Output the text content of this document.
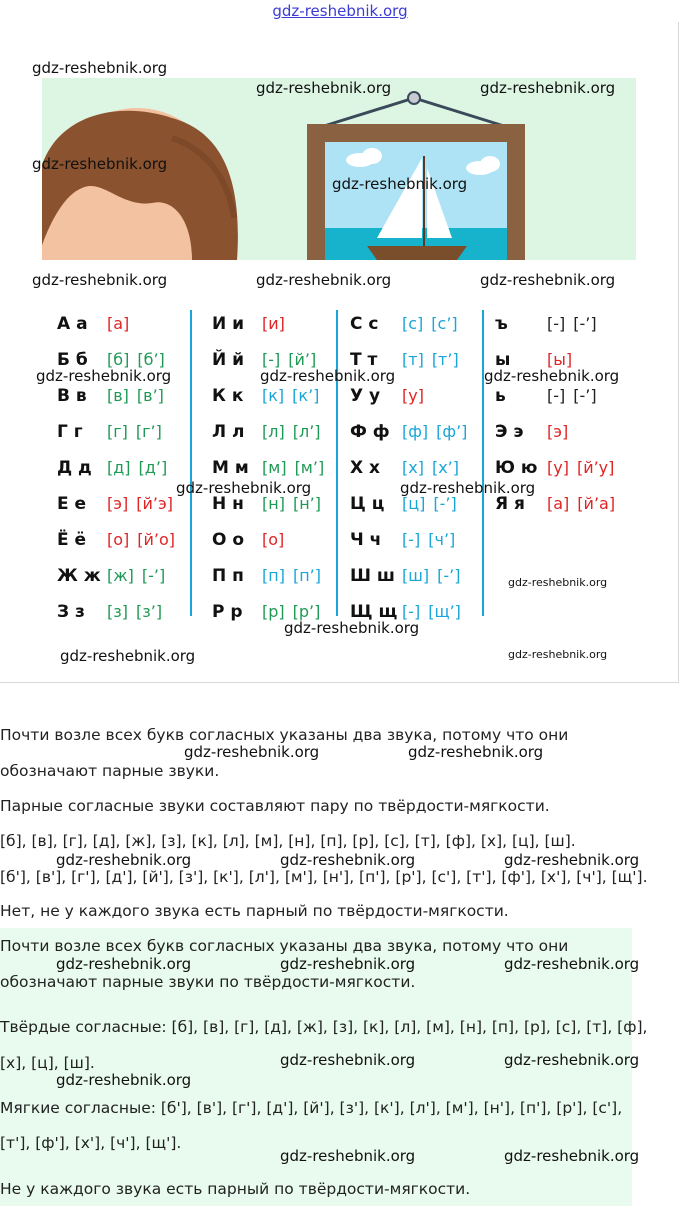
gdz-reshebnik.org
А а [а]
Б б [б] [б’]
В в [в] [в’]
Г г [г] [г’]
Д д [д] [д’]
Е е [э] [й’э]
Ё ё [о] [й’о]
Ж ж [ж] [-’]
З з [з] [з’]
И и [и]
Й й [-] [й’]
К к [к] [к’]
Л л [л] [л’]
М м [м] [м’]
Н н [н] [н’]
О о [о]
П п [п] [п’]
Р р [р] [р’]
С с [с] [с’]
Т т [т] [т’]
У у [у]
Ф ф [ф] [ф’]
Х х [х] [х’]
Ц ц [ц] [-’]
Ч ч [-] [ч’]
Ш ш [ш] [-’]
Щ щ [-] [щ’]
ъ [-] [-’]
ы [ы]
ь	[-] [-’]
Э э [э]
Ю ю [у] [й’у]
Я я [а] [й’а]
Почти возле всех букв согласных указаны два звука, потому что они
обозначают парные звуки.
Парные согласные звуки составляют пару по твёрдости-мягкости.
[б], [в], [г], [д], [ж], [з], [к], [л], [м], [н], [п], [р], [с], [т], [ф], [х], [ц], [ш].
[б'], [в'], [г'], [д'], [й'], [з'], [к'], [л'], [м'], [н'], [п'], [р'], [с'], [т'], [ф'], [х'], [ч'], [щ'].
Нет, не у каждого звука есть парный по твёрдости-мягкости.
Почти возле всех букв согласных указаны два звука, потому что они
обозначают парные звуки по твёрдости-мягкости.
Твёрдые согласные: [б], [в], [г], [д], [ж], [з], [к], [л], [м], [н], [п], [р], [с], [т], [ф],
[х], [ц], [ш].
Мягкие согласные: [б'], [в'], [г'], [д'], [й'], [з'], [к'], [л'], [м'], [н'], [п'], [р'], [с'],
[т'], [ф'], [х'], [ч'], [щ'].
Не у каждого звука есть парный по твёрдости-мягкости.
gdz-reshebnik.org
gdz-reshebnik.org	gdz-reshebnik.org
gdz-reshebnik.org
gdz-reshebnik.org
gdz-reshebnik.org	gdz-reshebnik.org	gdz-reshebnik.org
gdz-reshebnik.org	gdz-reshebnik.org	gdz-reshebnik.org
gdz-reshebnik.org	gdz-reshebnik.org
gdz-reshebnik.org
gdz-reshebnik.org
gdz-reshebnik.org	gdz-reshebnik.org
gdz-reshebnik.org	gdz-reshebnik.org
gdz-reshebnik.org	gdz-reshebnik.org	gdz-reshebnik.org
gdz-reshebnik.org	gdz-reshebnik.org	gdz-reshebnik.org
gdz-reshebnik.org	gdz-reshebnik.org
gdz-reshebnik.org
gdz-reshebnik.org	gdz-reshebnik.org
